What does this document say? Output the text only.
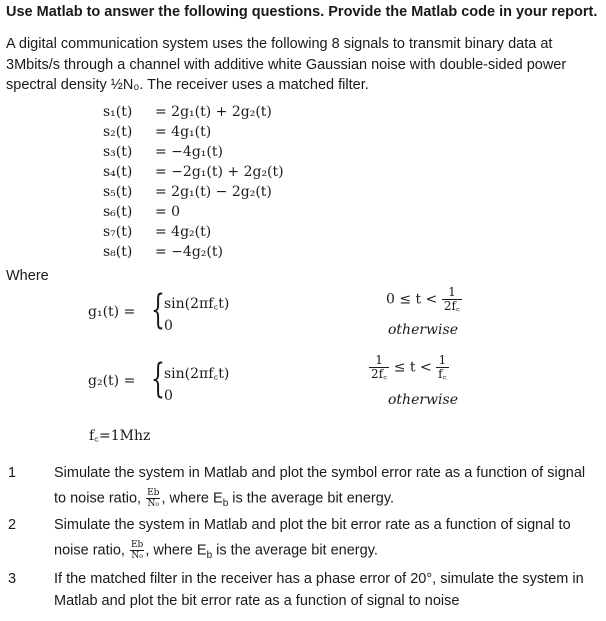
Use Matlab to answer the following questions. Provide the Matlab code in your report.
A digital communication system uses the following 8 signals to transmit binary data at 3Mbits/s through a channel with additive white Gaussian noise with double-sided power spectral density ½N₀. The receiver uses a matched filter.
s₁(t) = 2g₁(t) + 2g₂(t)
s₂(t) = 4g₁(t)
s₃(t) = −4g₁(t)
s₄(t) = −2g₁(t) + 2g₂(t)
s₅(t) = 2g₁(t) − 2g₂(t)
s₆(t) = 0
s₇(t) = 4g₂(t)
s₈(t) = −4g₂(t)
Where
g₁(t) = { sin(2πf꜀t)
0
$0 \le t < \frac{1}{2f꜀}$
otherwise
g₂(t) = { sin(2πf꜀t)
0
$\frac{1}{2f꜀} \le t < \frac{1}{f꜀}$
otherwise
f꜀=1Mhz
1	Simulate the system in Matlab and plot the symbol error rate as a function of signal
to noise ratio, $\frac{Eb}{\text{N₀}}$ , where $E_b$ is the average bit energy.
2	Simulate the system in Matlab and plot the bit error rate as a function of signal to
noise ratio, $\frac{Eb}{\text{N₀}}$ , where $E_b$ is the average bit energy.
3	If the matched filter in the receiver has a phase error of 20°, simulate the system in
Matlab and plot the bit error rate as a function of signal to noise
